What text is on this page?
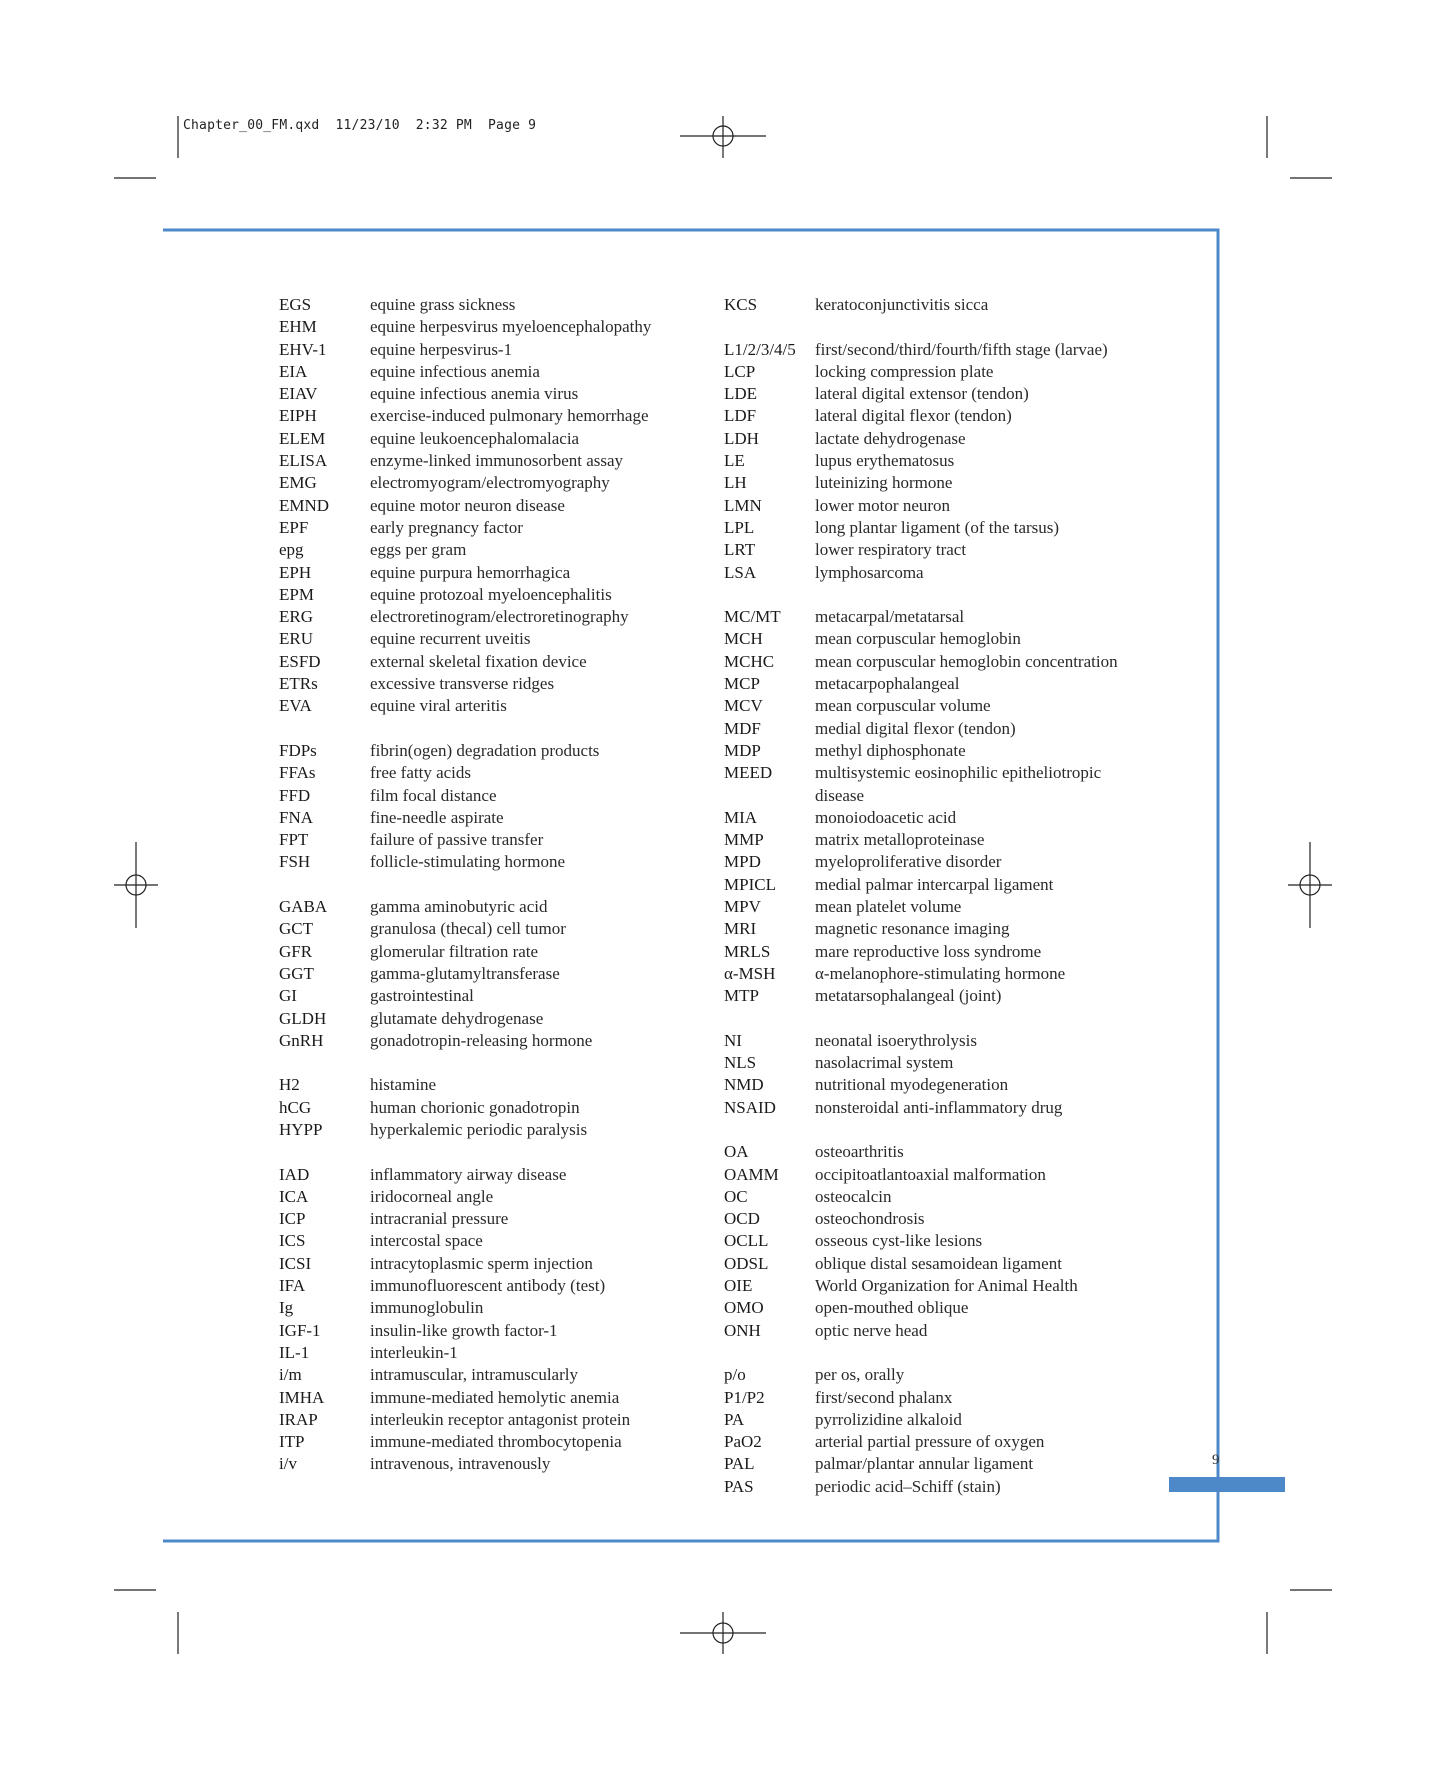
Chapter_00_FM.qxd  11/23/10  2:32 PM  Page 9
EGS	equine grass sickness
EHM	equine herpesvirus myeloencephalopathy
EHV-1	equine herpesvirus-1
EIA	equine infectious anemia
EIAV	equine infectious anemia virus
EIPH	exercise-induced pulmonary hemorrhage
ELEM	equine leukoencephalomalacia
ELISA	enzyme-linked immunosorbent assay
EMG	electromyogram/electromyography
EMND	equine motor neuron disease
EPF	early pregnancy factor
epg	eggs per gram
EPH	equine purpura hemorrhagica
EPM	equine protozoal myeloencephalitis
ERG	electroretinogram/electroretinography
ERU	equine recurrent uveitis
ESFD	external skeletal fixation device
ETRs	excessive transverse ridges
EVA	equine viral arteritis
FDPs	fibrin(ogen) degradation products
FFAs	free fatty acids
FFD	film focal distance
FNA	fine-needle aspirate
FPT	failure of passive transfer
FSH	follicle-stimulating hormone
GABA	gamma aminobutyric acid
GCT	granulosa (thecal) cell tumor
GFR	glomerular filtration rate
GGT	gamma-glutamyltransferase
GI	gastrointestinal
GLDH	glutamate dehydrogenase
GnRH	gonadotropin-releasing hormone
H2	histamine
hCG	human chorionic gonadotropin
HYPP	hyperkalemic periodic paralysis
IAD	inflammatory airway disease
ICA	iridocorneal angle
ICP	intracranial pressure
ICS	intercostal space
ICSI	intracytoplasmic sperm injection
IFA	immunofluorescent antibody (test)
Ig	immunoglobulin
IGF-1	insulin-like growth factor-1
IL-1	interleukin-1
i/m	intramuscular, intramuscularly
IMHA	immune-mediated hemolytic anemia
IRAP	interleukin receptor antagonist protein
ITP	immune-mediated thrombocytopenia
i/v	intravenous, intravenously
KCS	keratoconjunctivitis sicca
L1/2/3/4/5	first/second/third/fourth/fifth stage (larvae)
LCP	locking compression plate
LDE	lateral digital extensor (tendon)
LDF	lateral digital flexor (tendon)
LDH	lactate dehydrogenase
LE	lupus erythematosus
LH	luteinizing hormone
LMN	lower motor neuron
LPL	long plantar ligament (of the tarsus)
LRT	lower respiratory tract
LSA	lymphosarcoma
MC/MT	metacarpal/metatarsal
MCH	mean corpuscular hemoglobin
MCHC	mean corpuscular hemoglobin concentration
MCP	metacarpophalangeal
MCV	mean corpuscular volume
MDF	medial digital flexor (tendon)
MDP	methyl diphosphonate
MEED	multisystemic eosinophilic epitheliotropic
disease
MIA	monoiodoacetic acid
MMP	matrix metalloproteinase
MPD	myeloproliferative disorder
MPICL	medial palmar intercarpal ligament
MPV	mean platelet volume
MRI	magnetic resonance imaging
MRLS	mare reproductive loss syndrome
α-MSH	α-melanophore-stimulating hormone
MTP	metatarsophalangeal (joint)
NI	neonatal isoerythrolysis
NLS	nasolacrimal system
NMD	nutritional myodegeneration
NSAID	nonsteroidal anti-inflammatory drug
OA	osteoarthritis
OAMM	occipitoatlantoaxial malformation
OC	osteocalcin
OCD	osteochondrosis
OCLL	osseous cyst-like lesions
ODSL	oblique distal sesamoidean ligament
OIE	World Organization for Animal Health
OMO	open-mouthed oblique
ONH	optic nerve head
p/o	per os, orally
P1/P2	first/second phalanx
PA	pyrrolizidine alkaloid
PaO2	arterial partial pressure of oxygen
PAL	palmar/plantar annular ligament
PAS	periodic acid–Schiff (stain)
9
